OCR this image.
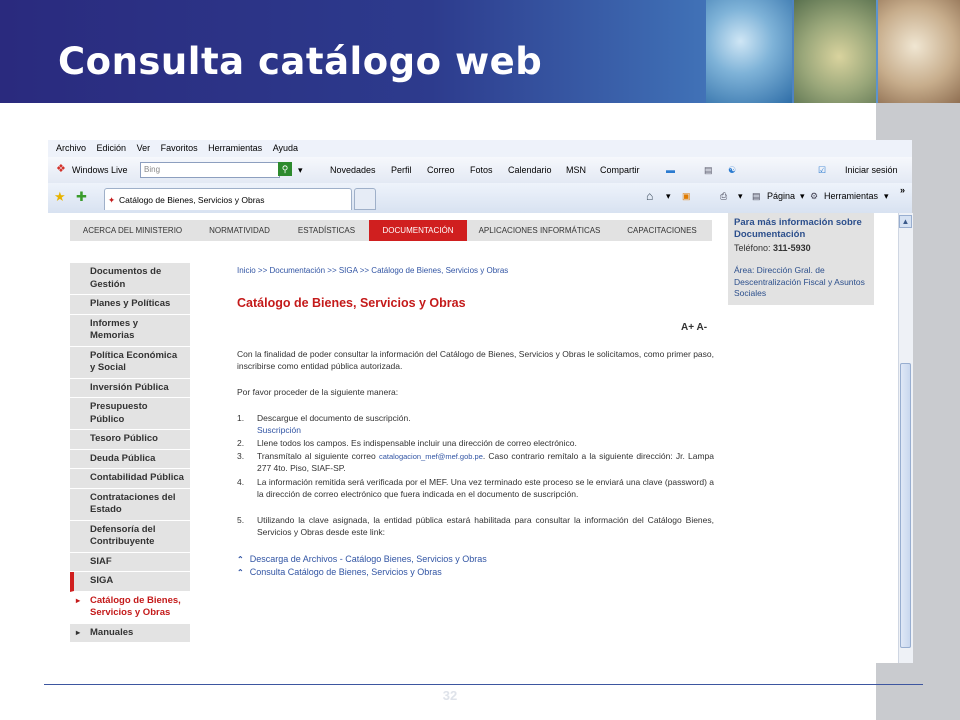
Consulta catálogo web
Archivo Edición Ver Favoritos Herramientas Ayuda
❖ Windows Live	Bing	⚲	▾	Novedades Perfil Correo Fotos Calendario MSN Compartir	▬	▤ ☯	☑ Iniciar sesión
★ ✚ ✦ Catálogo de Bienes, Servicios y Obras	⌂ ▾ ▣	⎙ ▾ ▤ Página ▾ ⚙ Herramientas ▾
»
ACERCA DEL MINISTERIO	NORMATIVIDAD	ESTADÍSTICAS	DOCUMENTACIÓN	APLICACIONES INFORMÁTICAS	CAPACITACIONES
Para más información sobre Documentación
Teléfono: 311-5930
Área: Dirección Gral. de Descentralización Fiscal y Asuntos Sociales
Documentos de Gestión
Planes y Políticas
Informes y Memorias
Política Económica y Social
Inversión Pública
Presupuesto Público
Tesoro Público
Deuda Pública
Contabilidad Pública
Contrataciones del Estado
Defensoría del Contribuyente
SIAF
SIGA
▸ Catálogo de Bienes, Servicios y Obras
▸ Manuales
Inicio >> Documentación >> SIGA >> Catálogo de Bienes, Servicios y Obras
Catálogo de Bienes, Servicios y Obras
A+ A-
Con la finalidad de poder consultar la información del Catálogo de Bienes, Servicios y Obras le solicitamos, como primer paso, inscribirse como entidad pública autorizada.
Por favor proceder de la siguiente manera:
1. Descargue el documento de suscripción.
Suscripción
2. Llene todos los campos. Es indispensable incluir una dirección de correo electrónico.
3. Transmítalo al siguiente correo catalogacion_mef@mef.gob.pe. Caso contrario remítalo a la siguiente dirección: Jr. Lampa 277 4to. Piso, SIAF-SP.
4. La información remitida será verificada por el MEF. Una vez terminado este proceso se le enviará una clave (password) a la dirección de correo electrónico que fuera indicada en el documento de suscripción.
5. Utilizando la clave asignada, la entidad pública estará habilitada para consultar la información del Catálogo Bienes, Servicios y Obras desde este link:
⌃ Descarga de Archivos - Catálogo Bienes, Servicios y Obras
⌃ Consulta Catálogo de Bienes, Servicios y Obras
▲
32
